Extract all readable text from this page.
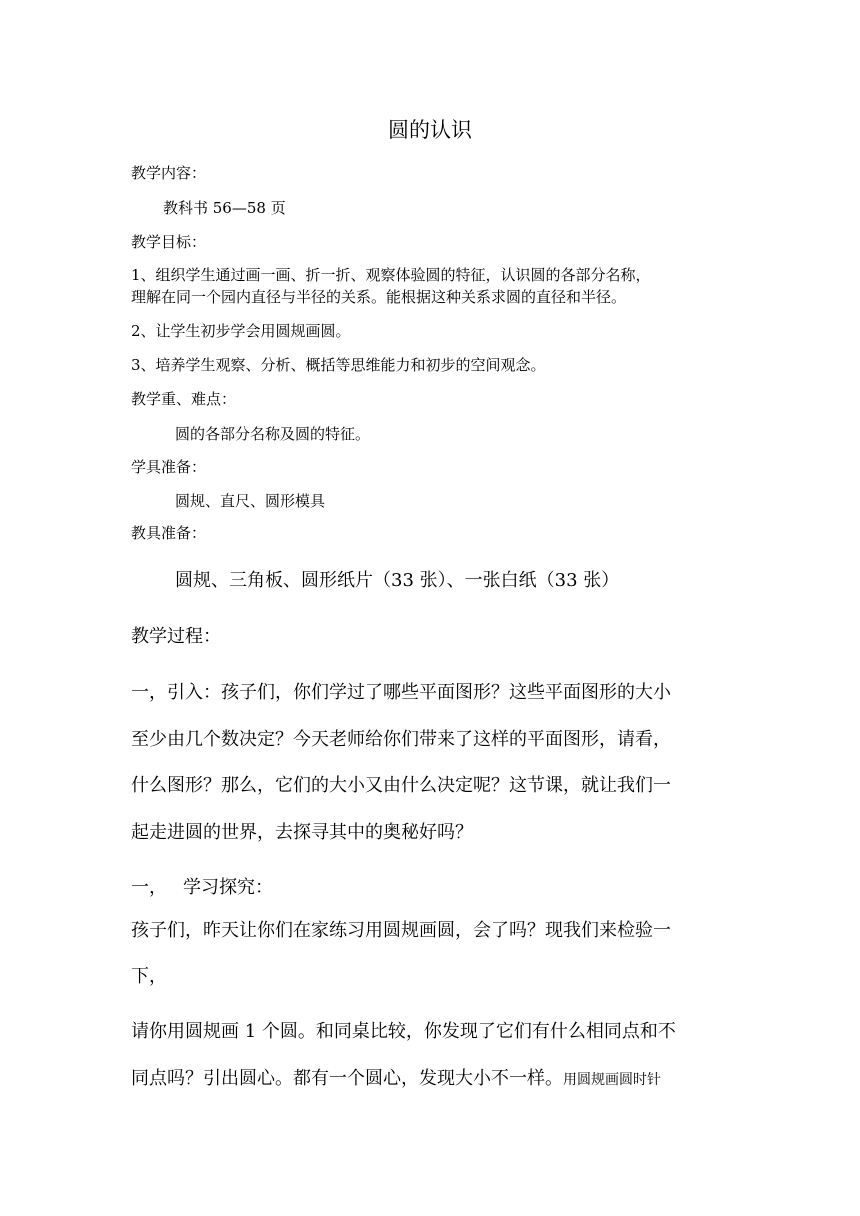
圆的认识
教学内容：
教科书 56—58 页
教学目标：
1、组织学生通过画一画、折一折、观察体验圆的特征，认识圆的各部分名称，
理解在同一个园内直径与半径的关系。能根据这种关系求圆的直径和半径。
2、让学生初步学会用圆规画圆。
3、培养学生观察、分析、概括等思维能力和初步的空间观念。
教学重、难点：
圆的各部分名称及圆的特征。
学具准备：
圆规、直尺、圆形模具
教具准备：
圆规、三角板、圆形纸片（33 张）、一张白纸（33 张）
教学过程：
一，引入：孩子们，你们学过了哪些平面图形？这些平面图形的大小
至少由几个数决定？今天老师给你们带来了这样的平面图形，请看，
什么图形？那么，它们的大小又由什么决定呢？这节课，就让我们一
起走进圆的世界，去探寻其中的奥秘好吗？
一， 学习探究：
孩子们，昨天让你们在家练习用圆规画圆，会了吗？现我们来检验一
下，
请你用圆规画 1 个圆。和同桌比较，你发现了它们有什么相同点和不
同点吗？引出圆心。都有一个圆心，发现大小不一样。用圆规画圆时针
